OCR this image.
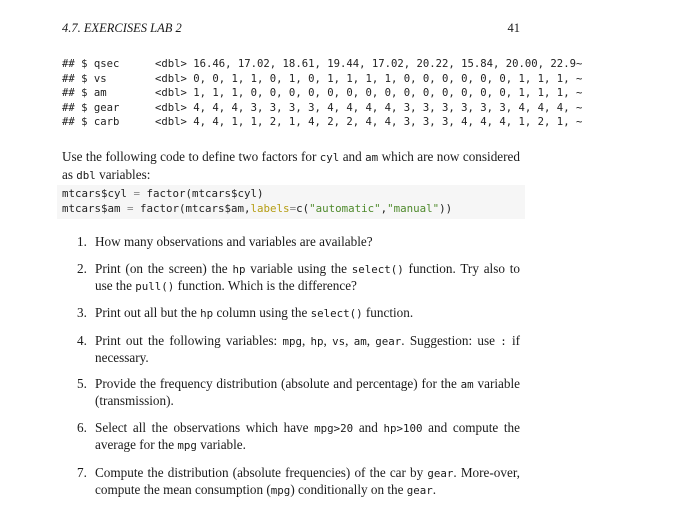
4.7. EXERCISES LAB 2	41
## $ qsec	<dbl> 16.46, 17.02, 18.61, 19.44, 17.02, 20.22, 15.84, 20.00, 22.9~
## $ vs	<dbl> 0, 0, 1, 1, 0, 1, 0, 1, 1, 1, 1, 0, 0, 0, 0, 0, 0, 1, 1, 1, ~
## $ am	<dbl> 1, 1, 1, 0, 0, 0, 0, 0, 0, 0, 0, 0, 0, 0, 0, 0, 0, 1, 1, 1, ~
## $ gear	<dbl> 4, 4, 4, 3, 3, 3, 3, 4, 4, 4, 4, 3, 3, 3, 3, 3, 3, 4, 4, 4, ~
## $ carb	<dbl> 4, 4, 1, 1, 2, 1, 4, 2, 2, 4, 4, 3, 3, 3, 4, 4, 4, 1, 2, 1, ~
Use the following code to define two factors for cyl and am which are now considered as dbl variables:
mtcars$cyl = factor(mtcars$cyl)
mtcars$am = factor(mtcars$am,labels=c("automatic","manual"))
1. How many observations and variables are available?
2. Print (on the screen) the hp variable using the select() function. Try also to use the pull() function. Which is the difference?
3. Print out all but the hp column using the select() function.
4. Print out the following variables: mpg, hp, vs, am, gear. Suggestion: use : if necessary.
5. Provide the frequency distribution (absolute and percentage) for the am variable (transmission).
6. Select all the observations which have mpg>20 and hp>100 and compute the average for the mpg variable.
7. Compute the distribution (absolute frequencies) of the car by gear. More-over, compute the mean consumption (mpg) conditionally on the gear.
